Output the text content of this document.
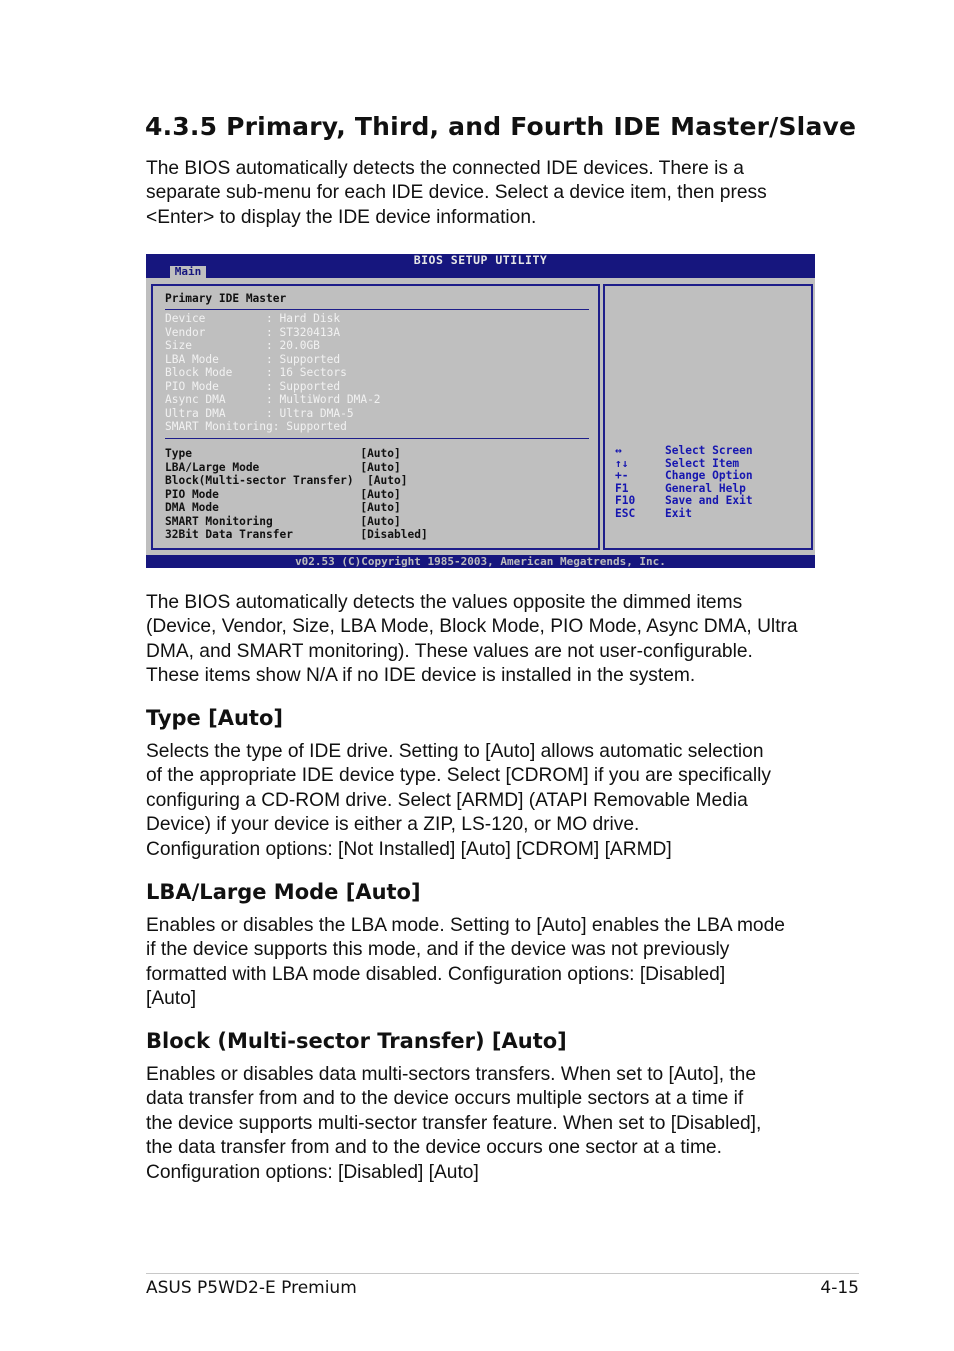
4.3.5 Primary, Third, and Fourth IDE Master/Slave
The BIOS automatically detects the connected IDE devices. There is a
separate sub-menu for each IDE device. Select a device item, then press
<Enter> to display the IDE device information.
BIOS SETUP UTILITY
Main
Primary IDE Master
Device         : Hard Disk
Vendor         : ST320413A
Size           : 20.0GB
LBA Mode       : Supported
Block Mode     : 16 Sectors
PIO Mode       : Supported
Async DMA      : MultiWord DMA-2
Ultra DMA      : Ultra DMA-5
SMART Monitoring: Supported
Type                         [Auto]
LBA/Large Mode               [Auto]
Block(Multi-sector Transfer)  [Auto]
PIO Mode                     [Auto]
DMA Mode                     [Auto]
SMART Monitoring             [Auto]
32Bit Data Transfer          [Disabled]
↔	Select Screen
↑↓	Select Item
+-	Change Option
F1	General Help
F10	Save and Exit
ESC	Exit
v02.53 (C)Copyright 1985-2003, American Megatrends, Inc.
The BIOS automatically detects the values opposite the dimmed items
(Device, Vendor, Size, LBA Mode, Block Mode, PIO Mode, Async DMA, Ultra
DMA, and SMART monitoring). These values are not user-configurable.
These items show N/A if no IDE device is installed in the system.
Type [Auto]
Selects the type of IDE drive. Setting to [Auto] allows automatic selection
of the appropriate IDE device type. Select [CDROM] if you are specifically
configuring a CD-ROM drive. Select [ARMD] (ATAPI Removable Media
Device) if your device is either a ZIP, LS-120, or MO drive.
Configuration options: [Not Installed] [Auto] [CDROM] [ARMD]
LBA/Large Mode [Auto]
Enables or disables the LBA mode. Setting to [Auto] enables the LBA mode
if the device supports this mode, and if the device was not previously
formatted with LBA mode disabled. Configuration options: [Disabled]
[Auto]
Block (Multi-sector Transfer) [Auto]
Enables or disables data multi-sectors transfers. When set to [Auto], the
data transfer from and to the device occurs multiple sectors at a time if
the device supports multi-sector transfer feature. When set to [Disabled],
the data transfer from and to the device occurs one sector at a time.
Configuration options: [Disabled] [Auto]
ASUS P5WD2-E Premium	4-15
